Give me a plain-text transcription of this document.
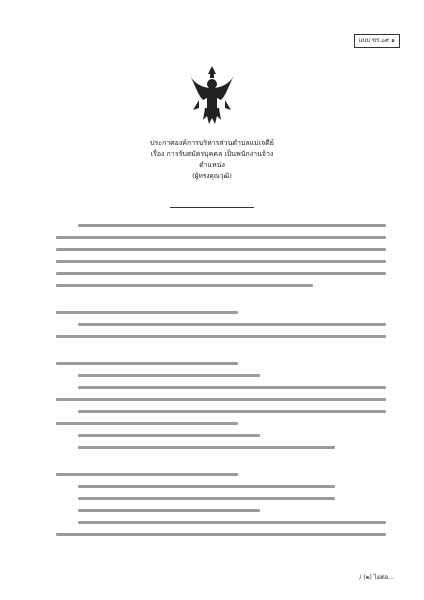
แบบ ขร.๐๙ ๑
ประกาศองค์การบริหารส่วนตำบลแม่เจดีย์
เรื่อง การรับสมัครบุคคล เป็นพนักงานจ้าง
ตำแหน่ง
(ผู้ทรงคุณวุฒิ)
/ (๒) ไม่ต่อ...
